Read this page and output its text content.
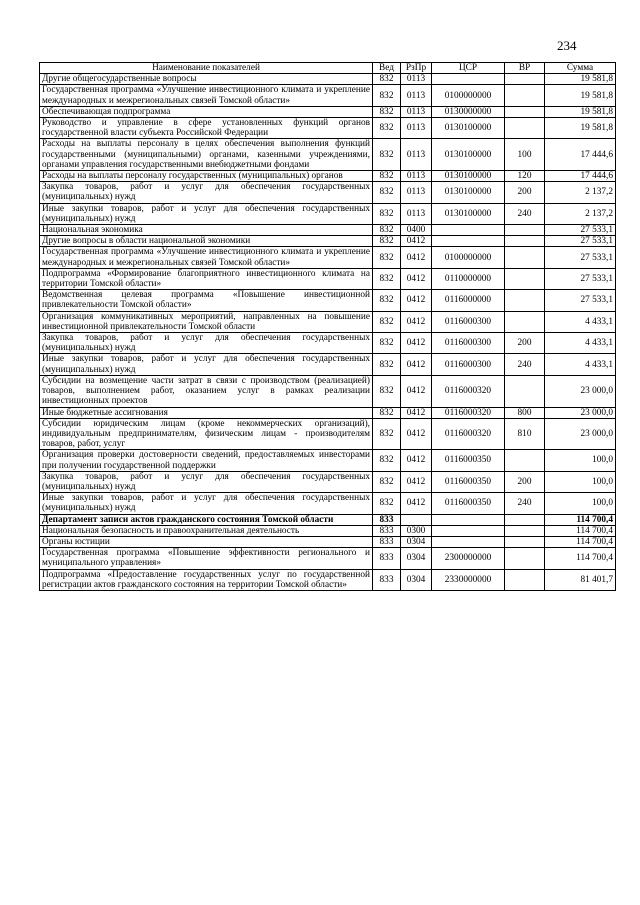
234
Наименование показателей	Вед	РзПр	ЦСР	ВР	Сумма
Другие общегосударственные вопросы	832	0113			19 581,8
Государственная программа «Улучшение инвестиционного климата и укрепление международных и межрегиональных связей Томской области»	832	0113	0100000000		19 581,8
Обеспечивающая подпрограмма	832	0113	0130000000		19 581,8
Руководство и управление в сфере установленных функций органов государственной власти субъекта Российской Федерации	832	0113	0130100000		19 581,8
Расходы на выплаты персоналу в целях обеспечения выполнения функций государственными (муниципальными) органами, казенными учреждениями, органами управления государственными внебюджетными фондами	832	0113	0130100000	100	17 444,6
Расходы на выплаты персоналу государственных (муниципальных) органов	832	0113	0130100000	120	17 444,6
Закупка товаров, работ и услуг для обеспечения государственных (муниципальных) нужд	832	0113	0130100000	200	2 137,2
Иные закупки товаров, работ и услуг для обеспечения государственных (муниципальных) нужд	832	0113	0130100000	240	2 137,2
Национальная экономика	832	0400			27 533,1
Другие вопросы в области национальной экономики	832	0412			27 533,1
Государственная программа «Улучшение инвестиционного климата и укрепление международных и межрегиональных связей Томской области»	832	0412	0100000000		27 533,1
Подпрограмма «Формирование благоприятного инвестиционного климата на территории Томской области»	832	0412	0110000000		27 533,1
Ведомственная целевая программа «Повышение инвестиционной привлекательности Томской области»	832	0412	0116000000		27 533,1
Организация коммуникативных мероприятий, направленных на повышение инвестиционной привлекательности Томской области	832	0412	0116000300		4 433,1
Закупка товаров, работ и услуг для обеспечения государственных (муниципальных) нужд	832	0412	0116000300	200	4 433,1
Иные закупки товаров, работ и услуг для обеспечения государственных (муниципальных) нужд	832	0412	0116000300	240	4 433,1
Субсидии на возмещение части затрат в связи с производством (реализацией) товаров, выполнением работ, оказанием услуг в рамках реализации инвестиционных проектов	832	0412	0116000320		23 000,0
Иные бюджетные ассигнования	832	0412	0116000320	800	23 000,0
Субсидии юридическим лицам (кроме некоммерческих организаций), индивидуальным предпринимателям, физическим лицам - производителям товаров, работ, услуг	832	0412	0116000320	810	23 000,0
Организация проверки достоверности сведений, предоставляемых инвесторами при получении государственной поддержки	832	0412	0116000350		100,0
Закупка товаров, работ и услуг для обеспечения государственных (муниципальных) нужд	832	0412	0116000350	200	100,0
Иные закупки товаров, работ и услуг для обеспечения государственных (муниципальных) нужд	832	0412	0116000350	240	100,0
Департамент записи актов гражданского состояния Томской области	833				114 700,4
Национальная безопасность и правоохранительная деятельность	833	0300			114 700,4
Органы юстиции	833	0304			114 700,4
Государственная программа «Повышение эффективности регионального и муниципального управления»	833	0304	2300000000		114 700,4
Подпрограмма «Предоставление государственных услуг по государственной регистрации актов гражданского состояния на территории Томской области»	833	0304	2330000000		81 401,7
